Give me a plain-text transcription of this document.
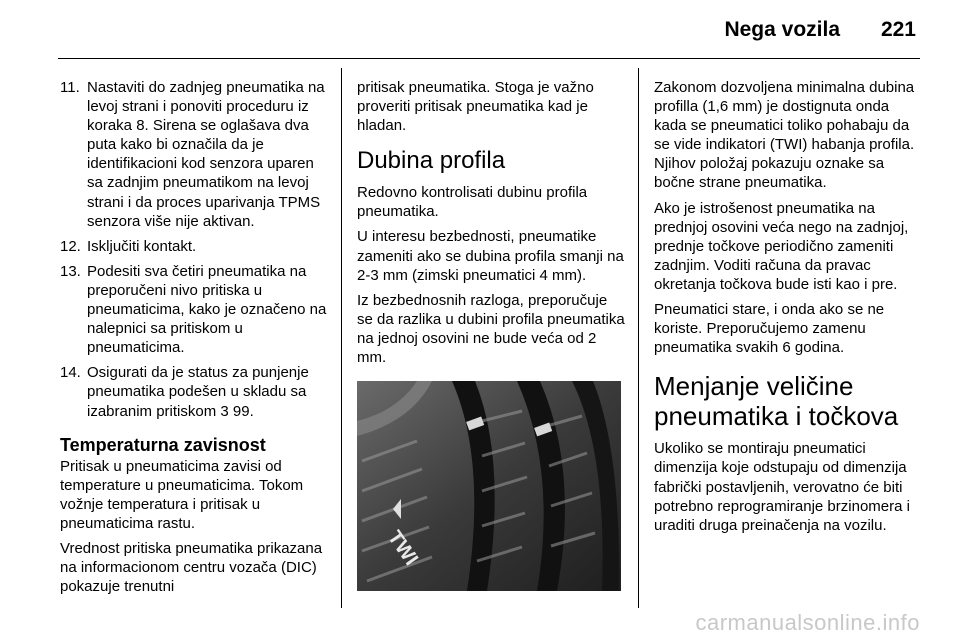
Nega vozila 221
11. Nastaviti do zadnjeg pneumatika na levoj strani i ponoviti proceduru iz koraka 8. Sirena se oglašava dva puta kako bi označila da je identifikacioni kod senzora uparen sa zadnjim pneumatikom na levoj strani i da proces uparivanja TPMS senzora više nije aktivan.
12. Isključiti kontakt.
13. Podesiti sva četiri pneumatika na preporučeni nivo pritiska u pneumaticima, kako je označeno na nalepnici sa pritiskom u pneumaticima.
14. Osigurati da je status za punjenje pneumatika podešen u skladu sa izabranim pritiskom 3 99.
Temperaturna zavisnost

Pritisak u pneumaticima zavisi od temperature u pneumaticima. Tokom vožnje temperatura i pritisak u pneumaticima rastu.

Vrednost pritiska pneumatika prikazana na informacionom centru vozača (DIC) pokazuje trenutni

pritisak pneumatika. Stoga je važno proveriti pritisak pneumatika kad je hladan.

Dubina profila

Redovno kontrolisati dubinu profila pneumatika.

U interesu bezbednosti, pneumatike zameniti ako se dubina profila smanji na 2-3 mm (zimski pneumatici 4 mm).

Iz bezbednosnih razloga, preporučuje se da razlika u dubini profila pneumatika na jednoj osovini ne bude veća od 2 mm.

TWI

Zakonom dozvoljena minimalna dubina profilla (1,6 mm) je dostignuta onda kada se pneumatici toliko pohabaju da se vide indikatori (TWI) habanja profila. Njihov položaj pokazuju oznake sa bočne strane pneumatika.

Ako je istrošenost pneumatika na prednjoj osovini veća nego na zadnjoj, prednje točkove periodično zameniti zadnjim. Voditi računa da pravac okretanja točkova bude isti kao i pre.

Pneumatici stare, i onda ako se ne koriste. Preporučujemo zamenu pneumatika svakih 6 godina.

Menjanje veličine pneumatika i točkova

Ukoliko se montiraju pneumatici dimenzija koje odstupaju od dimenzija fabrički postavljenih, verovatno će biti potrebno reprogramiranje brzinomera i uraditi druga preinačenja na vozilu.

carmanualsonline.info
